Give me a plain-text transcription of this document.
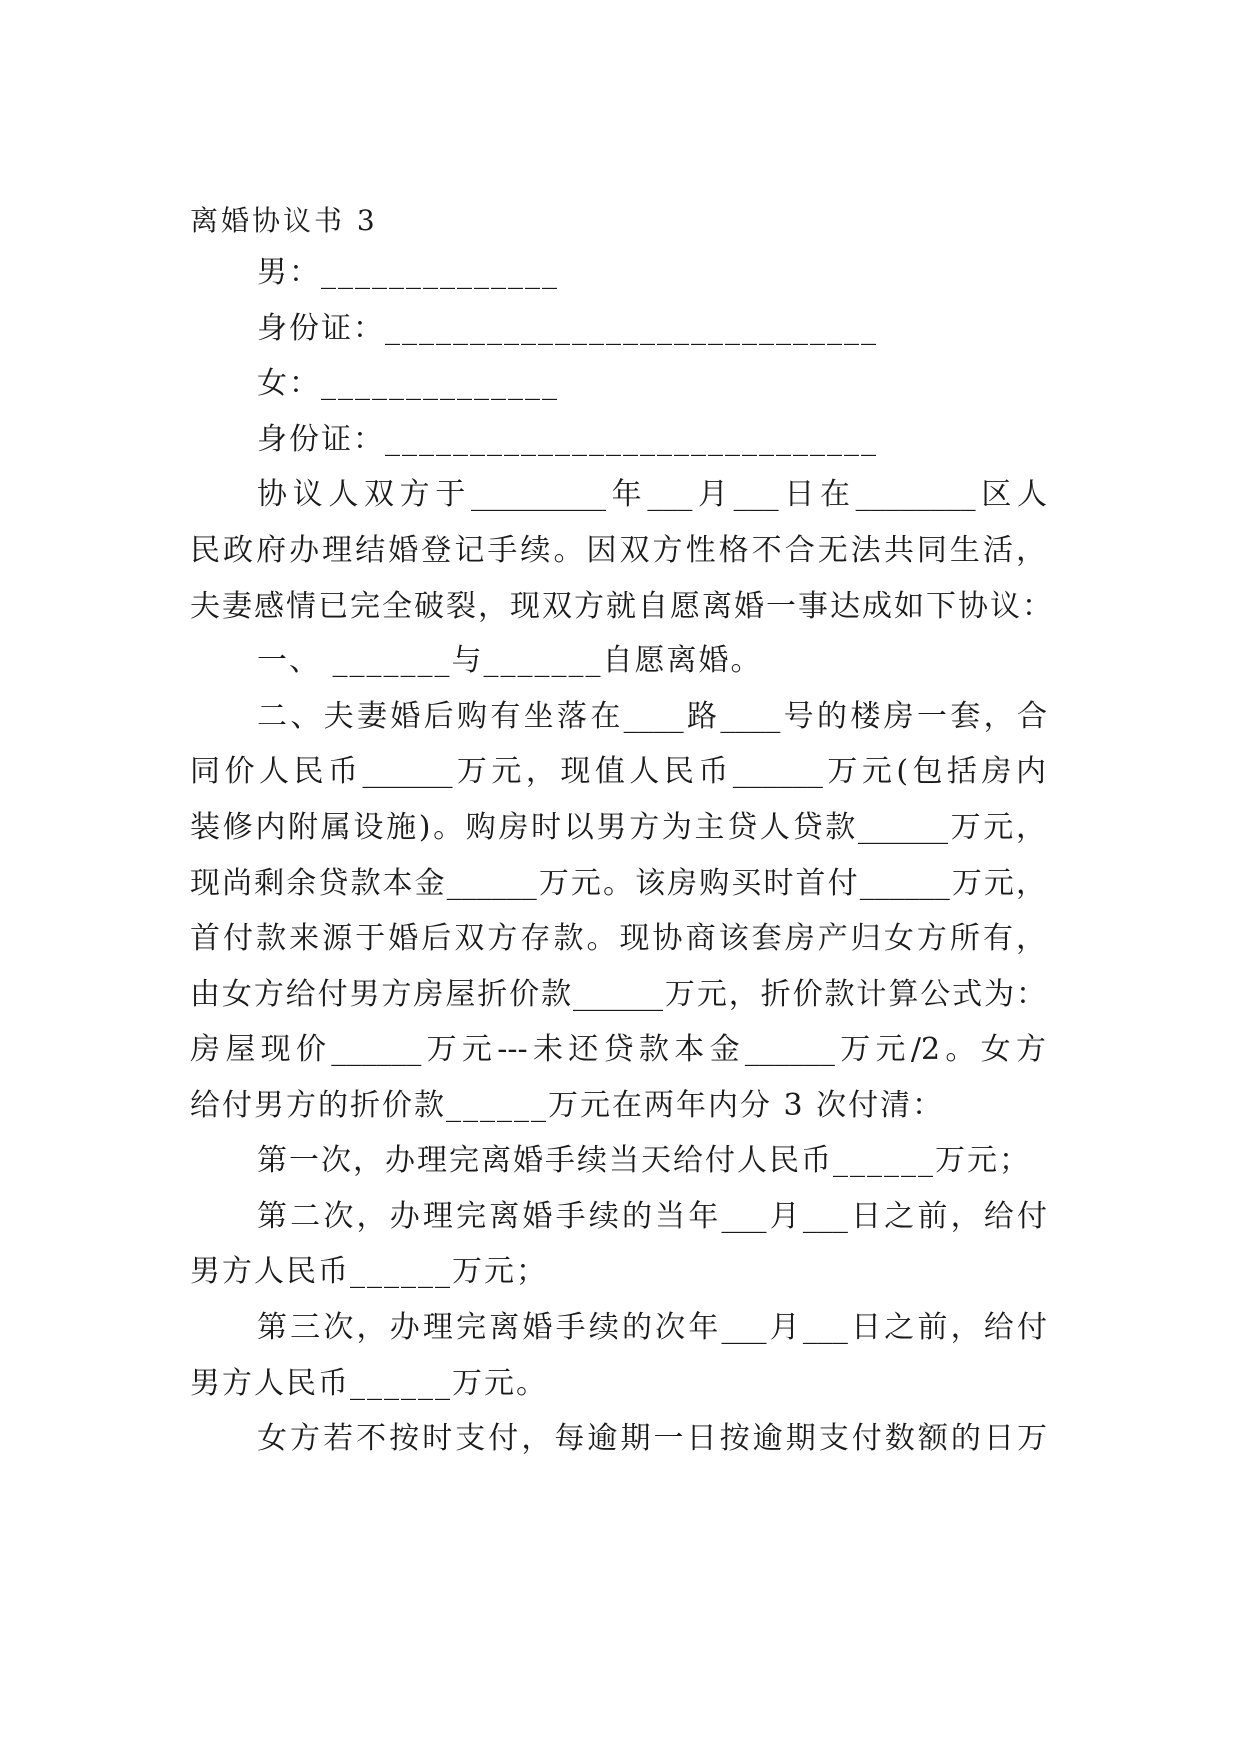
离婚协议书 3
男：______________
身份证：_____________________________
女：______________
身份证：_____________________________
协议人双方于_________年___月___日在________区人
民政府办理结婚登记手续。因双方性格不合无法共同生活，
夫妻感情已完全破裂，现双方就自愿离婚一事达成如下协议：
一、 _______与_______自愿离婚。
二、夫妻婚后购有坐落在____路____号的楼房一套，合
同价人民币______万元，现值人民币______万元(包括房内
装修内附属设施)。购房时以男方为主贷人贷款______万元，
现尚剩余贷款本金______万元。该房购买时首付______万元，
首付款来源于婚后双方存款。现协商该套房产归女方所有，
由女方给付男方房屋折价款______万元，折价款计算公式为：
房屋现价______万元---未还贷款本金______万元/2。女方
给付男方的折价款______万元在两年内分 3 次付清：
第一次，办理完离婚手续当天给付人民币______万元；
第二次，办理完离婚手续的当年___月___日之前，给付
男方人民币______万元；
第三次，办理完离婚手续的次年___月___日之前，给付
男方人民币______万元。
女方若不按时支付，每逾期一日按逾期支付数额的日万
